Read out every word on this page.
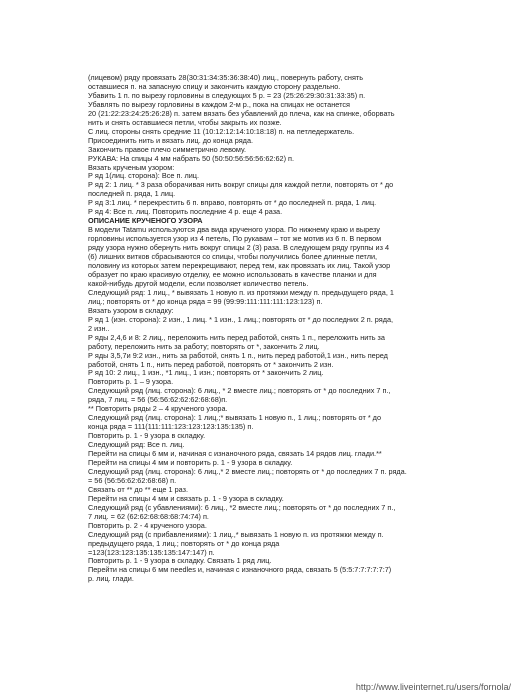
(лицевом) ряду провязать 28(30:31:34:35:36:38:40) лиц., повернуть работу, снять
оставшиеся п. на запасную спицу и закончить каждую сторону раздельно.
Убавить 1 п. по вырезу горловины в следующих 5 р. = 23 (25:26:29:30:31:33:35) п.
Убавлять по вырезу горловины в каждом 2-м р., пока на спицах не останется
20 (21:22:23:24:25:26:28) п. затем вязать без убавлений до плеча, как на спинке, оборвать
нить и снять оставшиеся петли, чтобы закрыть их позже.
С лиц. стороны снять средние 11 (10:12:12:14:10:18:18) п. на петледержатель.
Присоединить нить и вязать лиц. до конца ряда.
Закончить правое плечо симметрично левому.
РУКАВА: На спицы 4 мм набрать 50 (50:50:56:56:56:62:62) п.
Вязать крученым узором:
Р яд 1(лиц. сторона): Все п. лиц.
Р яд 2: 1 лиц. * 3 раза оборачивая нить вокруг спицы для каждой петли, повторять от * до
последней п. ряда, 1 лиц.
Р яд 3:1 лиц. * перекрестить 6 п. вправо, повторять от * до последней п. ряда, 1 лиц.
Р яд 4: Все п. лиц. Повторить последние 4 р. еще 4 раза.
ОПИСАНИЕ КРУЧЕНОГО УЗОРА
В модели Tatamu используются два вида крученого узора. По нижнему краю и вырезу
горловины используется узор из 4 петель, По рукавам – тот же мотив из 6 п. В первом
ряду узора нужно обернуть нить вокруг спицы 2 (3) раза. В следующем ряду группы из 4
(6) лишних витков сбрасываются со спицы, чтобы получились более длинные петли,
половину из которых затем перекрещивают, перед тем, как провязать их лиц. Такой узор
образует по краю красивую отделку, ее можно использовать в качестве планки и для
какой-нибудь другой модели, если позволяет количество петель.
Следующий ряд: 1 лиц., * вывязать 1 новую п. из протяжки между п. предыдущего ряда, 1
лиц.; повторять от * до конца ряда = 99 (99:99:111:111:111:123:123) п.
Вязать узором в складку:
Р яд 1 (изн. сторона): 2 изн., 1 лиц. * 1 изн., 1 лиц.; повторять от * до последних 2 п. ряда,
2 изн..
Р яды 2,4,6 и 8: 2 лиц., переложить нить перед работой, снять 1 п., переложить нить за
работу, переложить нить за работу; повторять от *, закончить 2 лиц.
Р яды 3,5,7и 9:2 изн., нить за работой, снять 1 п., нить перед работой,1 изн., нить перед
работой, снять 1 п., нить перед работой, повторять от * закончить 2 изн.
Р яд 10: 2 лиц., 1 изн., *1 лиц., 1 изн.; повторять от * закончить 2 лиц.
Повторить р. 1 – 9 узора.
Следующий ряд (лиц. сторона): 6 лиц., * 2 вместе лиц.; повторять от * до последних 7 п.,
ряда, 7 лиц. = 56 (56:56:62:62:62:68:68)п.
** Повторить ряды 2 – 4 крученого узора.
Следующий ряд (лиц. сторона): 1 лиц.;* вывязать 1 новую п., 1 лиц.; повторять от * до
конца ряда = 111(111:111:123:123:123:135:135) п.
Повторить р. 1 - 9 узора в складку.
Следующий ряд: Все п. лиц.
Перейти на спицы 6 мм и, начиная с изнаночного ряда, связать 14 рядов лиц. глади.**
Перейти на спицы 4 мм и повторить р. 1 - 9 узора в складку.
Следующий ряд (лиц. сторона): 6 лиц.,* 2 вместе лиц.; повторять от * до последних 7 п. ряда.
= 56 (56:56:62:62:68:68) п.
Связать от ** до ** еще 1 раз.
Перейти на спицы 4 мм и связать р. 1 - 9 узора в складку.
Следующий ряд (с убавлениями): 6 лиц., *2 вместе лиц.; повторять от * до последних 7 п.,
7 лиц. = 62 (62:62:68:68:68:74:74) п.
Повторить р. 2 - 4 крученого узора.
Следующий ряд (с прибавлениями): 1 лиц.,* вывязать 1 новую п. из протяжки между п.
предыдущего ряда, 1 лиц.; повторять от * до конца ряда
=123(123:123:135:135:135:147:147) п.
Повторить р. 1 - 9 узора в складку. Связать 1 ряд лиц.
Перейти на спицы 6 мм needles и, начиная с изнаночного ряда, связать 5 (5:5:7:7:7:7:7:7)
р. лиц. глади.
http://www.liveinternet.ru/users/fornola/
